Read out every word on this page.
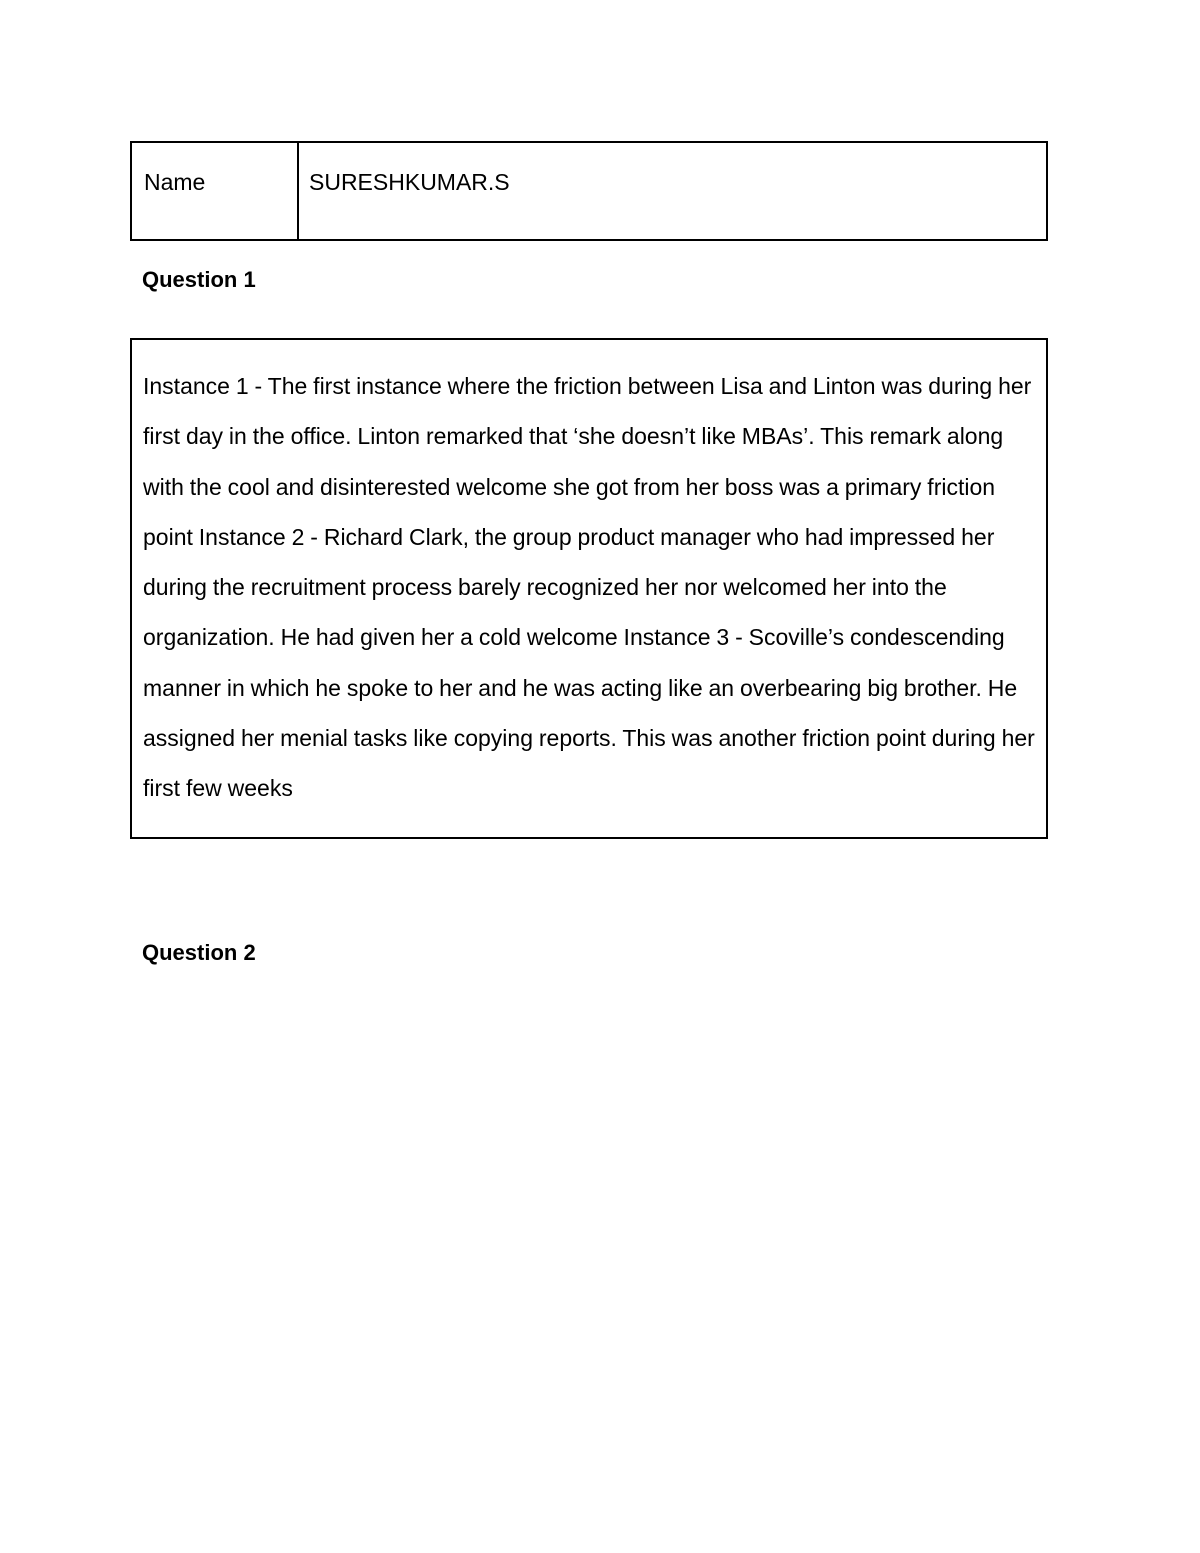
Name	SURESHKUMAR.S
Question 1

Instance 1 - The first instance where the friction between Lisa and Linton was during her first day in the office. Linton remarked that ‘she doesn’t like MBAs’. This remark along with the cool and disinterested welcome she got from her boss was a primary friction point Instance 2 - Richard Clark, the group product manager who had impressed her during the recruitment process barely recognized her nor welcomed her into the organization. He had given her a cold welcome Instance 3 - Scoville’s condescending manner in which he spoke to her and he was acting like an overbearing big brother. He assigned her menial tasks like copying reports. This was another friction point during her first few weeks

Question 2
